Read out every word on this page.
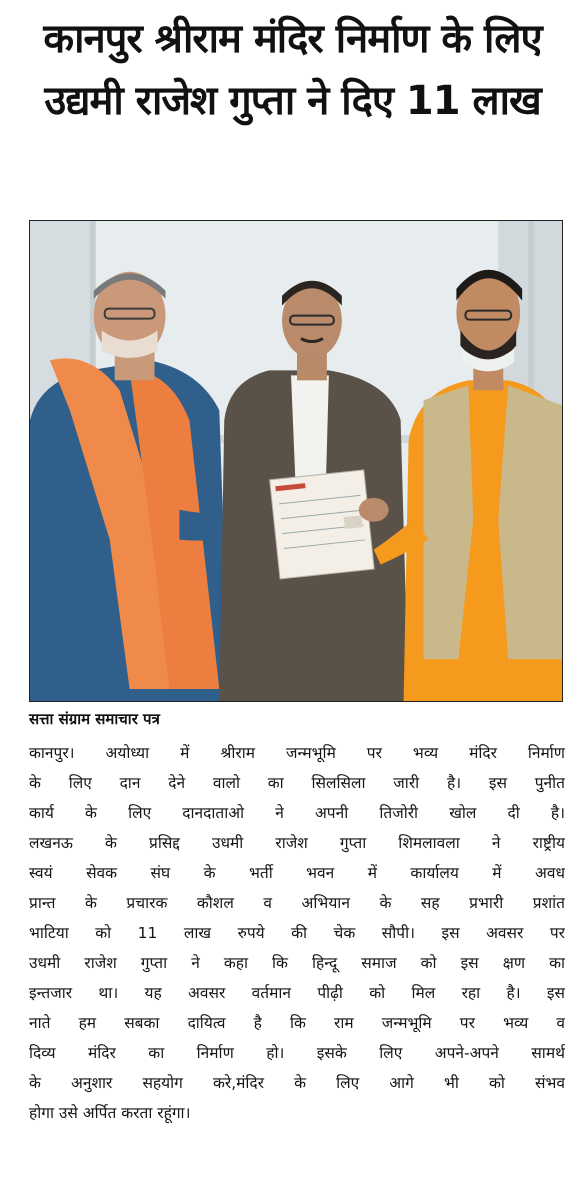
कानपुर श्रीराम मंदिर निर्माण के लिए
उद्यमी राजेश गुप्ता ने दिए 11 लाख
सत्ता संग्राम समाचार पत्र
कानपुर। अयोध्या में श्रीराम जन्मभूमि पर भव्य मंदिर निर्माण
के लिए दान देने वालो का सिलसिला जारी है। इस पुनीत
कार्य के लिए दानदाताओ ने अपनी तिजोरी खोल दी है।
लखनऊ के प्रसिद्द उधमी राजेश गुप्ता शिमलावला ने राष्ट्रीय
स्वयं सेवक संघ के भर्ती भवन में कार्यालय में अवध
प्रान्त के प्रचारक कौशल व अभियान के सह प्रभारी प्रशांत
भाटिया को 11 लाख रुपये की चेक सौपी। इस अवसर पर
उधमी राजेश गुप्ता ने कहा कि हिन्दू समाज को इस क्षण का
इन्तजार था। यह अवसर वर्तमान पीढ़ी को मिल रहा है। इस
नाते हम सबका दायित्व है कि राम जन्मभूमि पर भव्य व
दिव्य मंदिर का निर्माण हो। इसके लिए अपने-अपने सामर्थ
के अनुशार सहयोग करे,मंदिर के लिए आगे भी को संभव
होगा उसे अर्पित करता रहूंगा।
